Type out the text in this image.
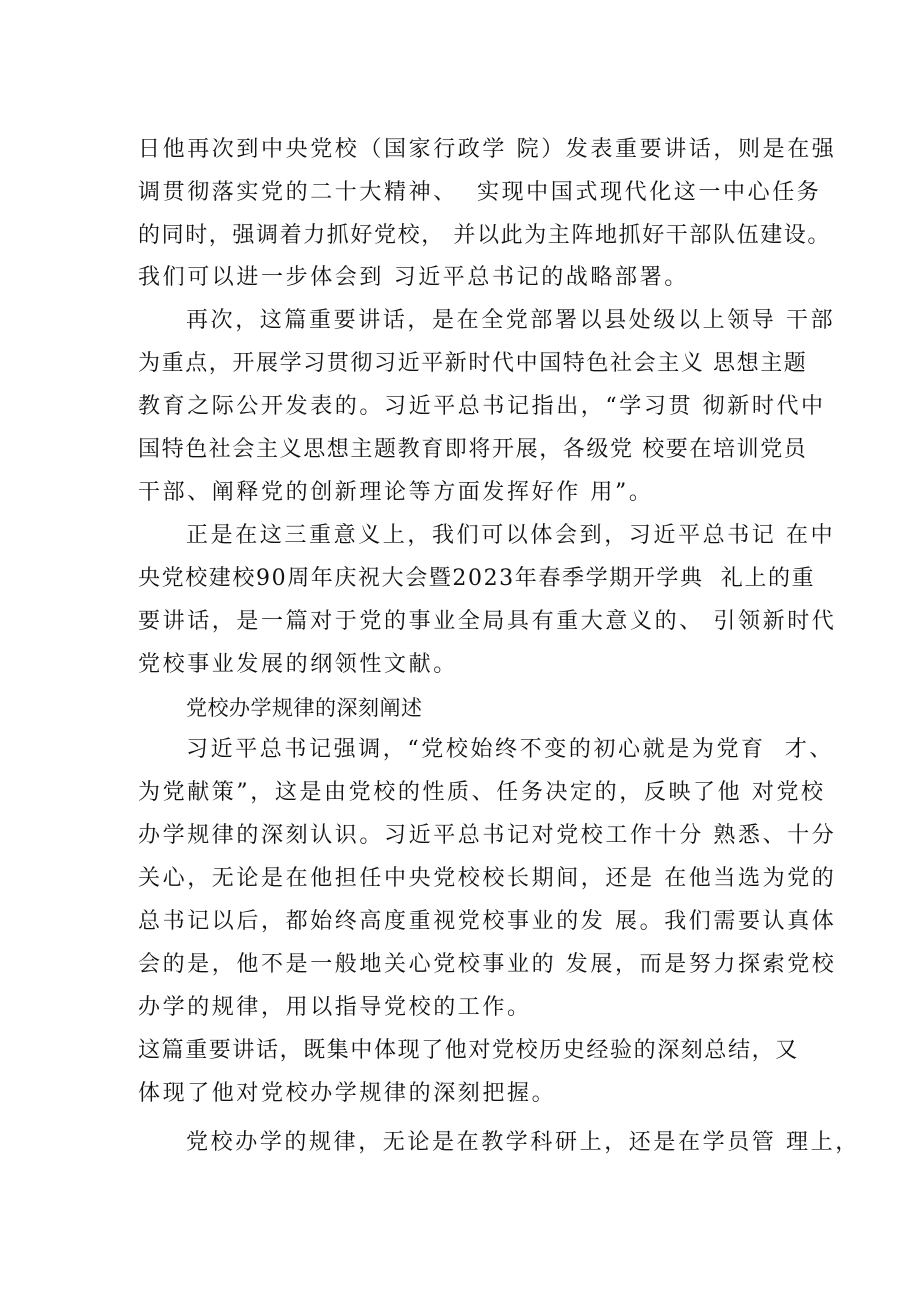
日他再次到中央党校（国家行政学 院）发表重要讲话，则是在强
调贯彻落实党的二十大精神、  实现中国式现代化这一中心任务
的同时，强调着力抓好党校， 并以此为主阵地抓好干部队伍建设。
我们可以进一步体会到 习近平总书记的战略部署。
再次，这篇重要讲话，是在全党部署以县处级以上领导 干部
为重点，开展学习贯彻习近平新时代中国特色社会主义 思想主题
教育之际公开发表的。习近平总书记指出，“学习贯 彻新时代中
国特色社会主义思想主题教育即将开展，各级党 校要在培训党员
干部、阐释党的创新理论等方面发挥好作 用”。
正是在这三重意义上，我们可以体会到，习近平总书记 在中
央党校建校90周年庆祝大会暨2023年春季学期开学典  礼上的重
要讲话，是一篇对于党的事业全局具有重大意义的、 引领新时代
党校事业发展的纲领性文献。
党校办学规律的深刻阐述
习近平总书记强调，“党校始终不变的初心就是为党育  才、
为党献策”，这是由党校的性质、任务决定的，反映了他 对党校
办学规律的深刻认识。习近平总书记对党校工作十分 熟悉、十分
关心，无论是在他担任中央党校校长期间，还是 在他当选为党的
总书记以后，都始终高度重视党校事业的发 展。我们需要认真体
会的是，他不是一般地关心党校事业的 发展，而是努力探索党校
办学的规律，用以指导党校的工作。
这篇重要讲话，既集中体现了他对党校历史经验的深刻总结，又
体现了他对党校办学规律的深刻把握。
党校办学的规律，无论是在教学科研上，还是在学员管 理上，
